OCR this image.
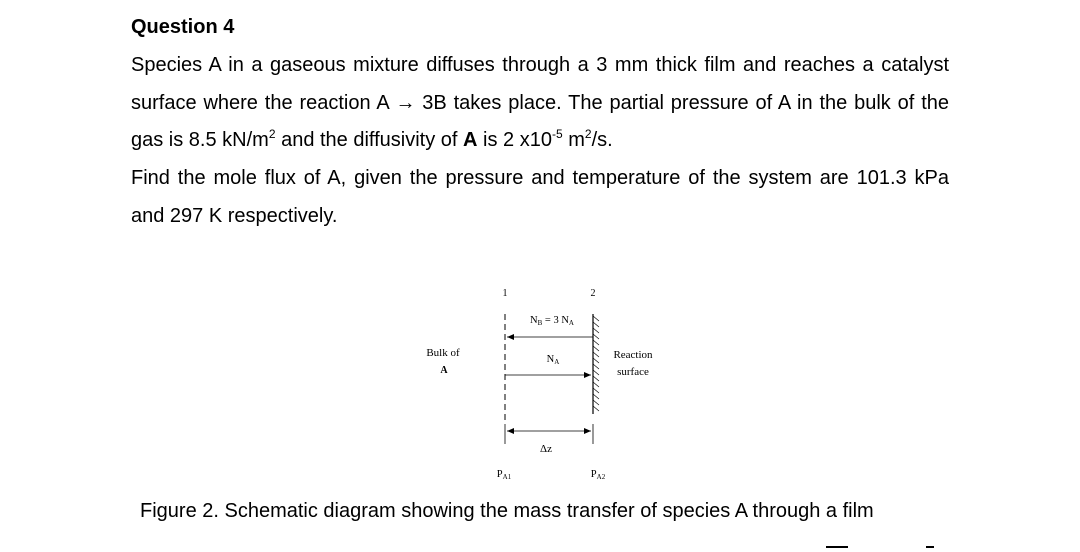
Question 4
Species A in a gaseous mixture diffuses through a 3 mm thick film and reaches a catalyst surface where the reaction A → 3B takes place. The partial pressure of A in the bulk of the gas is 8.5 $kN/m^2$ and the diffusivity of A is 2 $x10^{-5}$ $m^2/s$.
Find the mole flux of A, given the pressure and temperature of the system are 101.3 kPa and 297 K respectively.
1	2
NB = 3 NA
NA
Bulk of
A
Reaction
surface
Δz
PA1	PA2
Figure 2. Schematic diagram showing the mass transfer of species A through a film
